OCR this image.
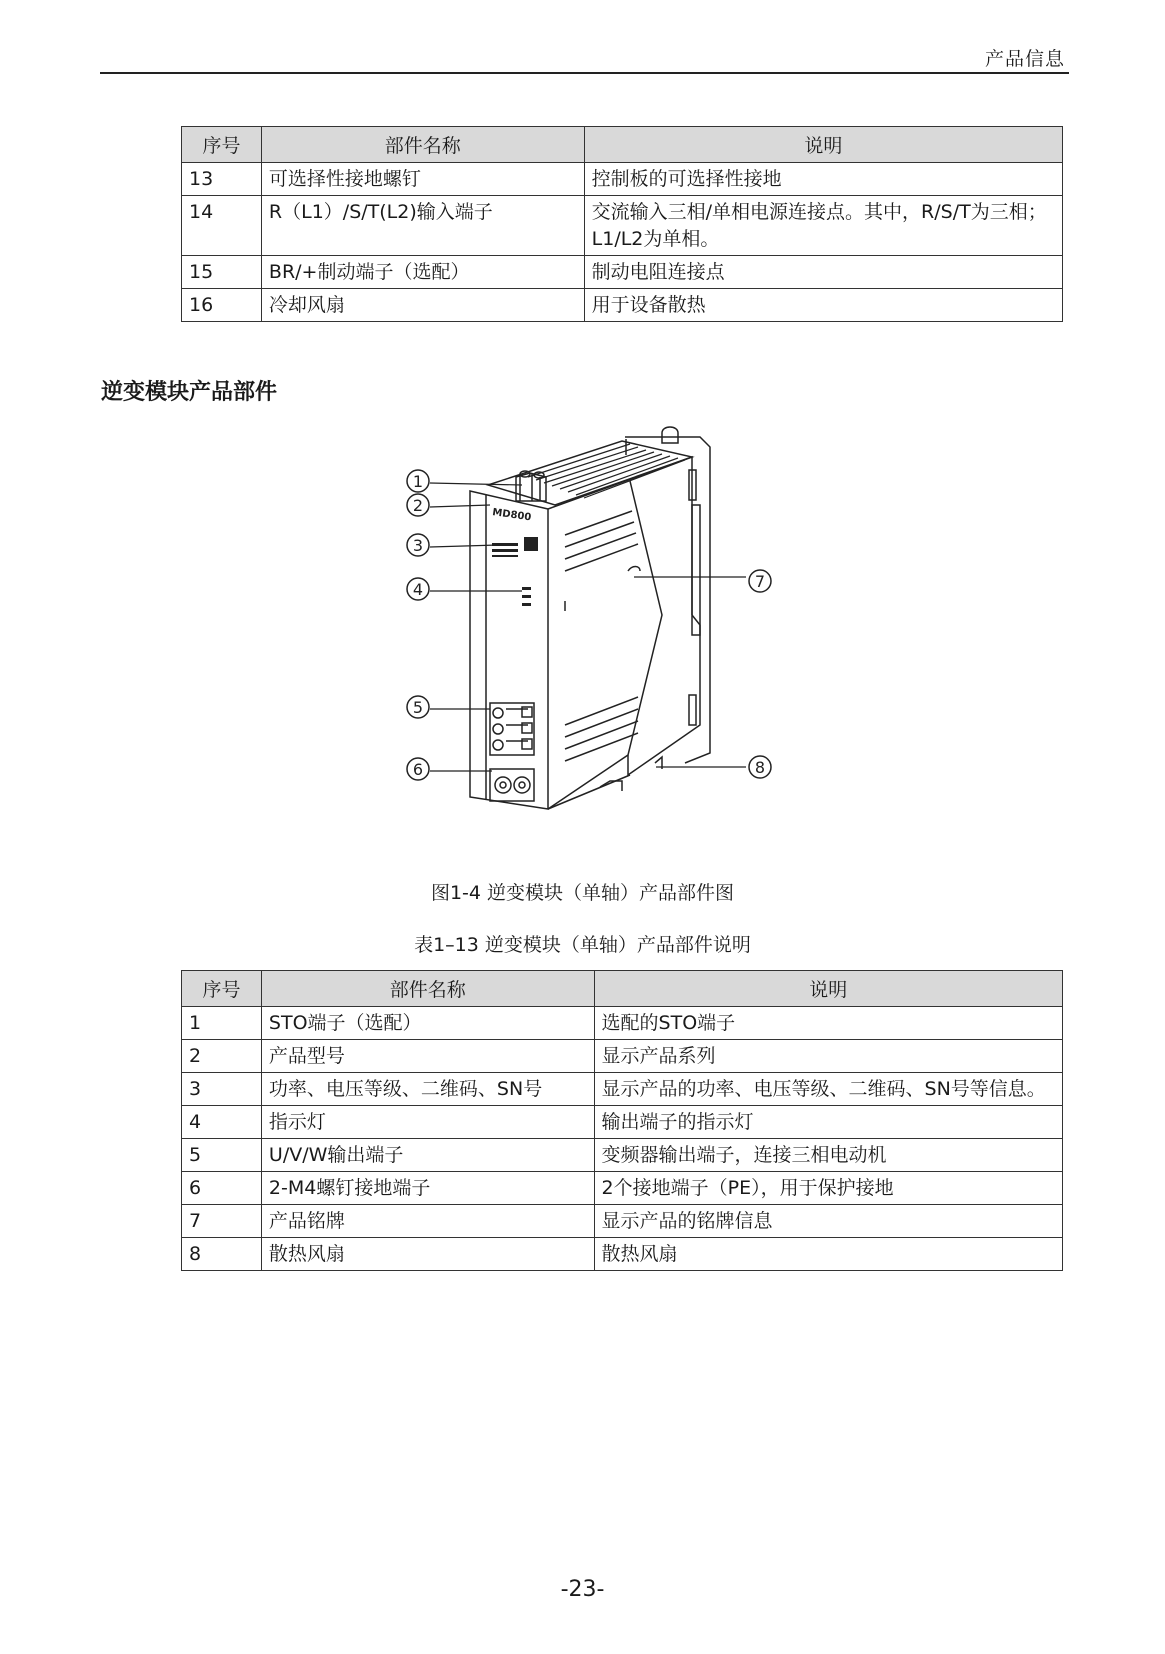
产品信息
序号	部件名称	说明
13	可选择性接地螺钉	控制板的可选择性接地
14	R（L1）/S/T(L2)输入端子	交流输入三相/单相电源连接点。其中，R/S/T为三相；L1/L2为单相。
15	BR/+制动端子（选配）	制动电阻连接点
16	冷却风扇	用于设备散热
逆变模块产品部件
MD800
1
2
3
4
5
6
7
8
图1-4 逆变模块（单轴）产品部件图
表1–13 逆变模块（单轴）产品部件说明
序号	部件名称	说明
1	STO端子（选配）	选配的STO端子
2	产品型号	显示产品系列
3	功率、电压等级、二维码、SN号	显示产品的功率、电压等级、二维码、SN号等信息。
4	指示灯	输出端子的指示灯
5	U/V/W输出端子	变频器输出端子，连接三相电动机
6	2-M4螺钉接地端子	2个接地端子（PE），用于保护接地
7	产品铭牌	显示产品的铭牌信息
8	散热风扇	散热风扇
-23-
